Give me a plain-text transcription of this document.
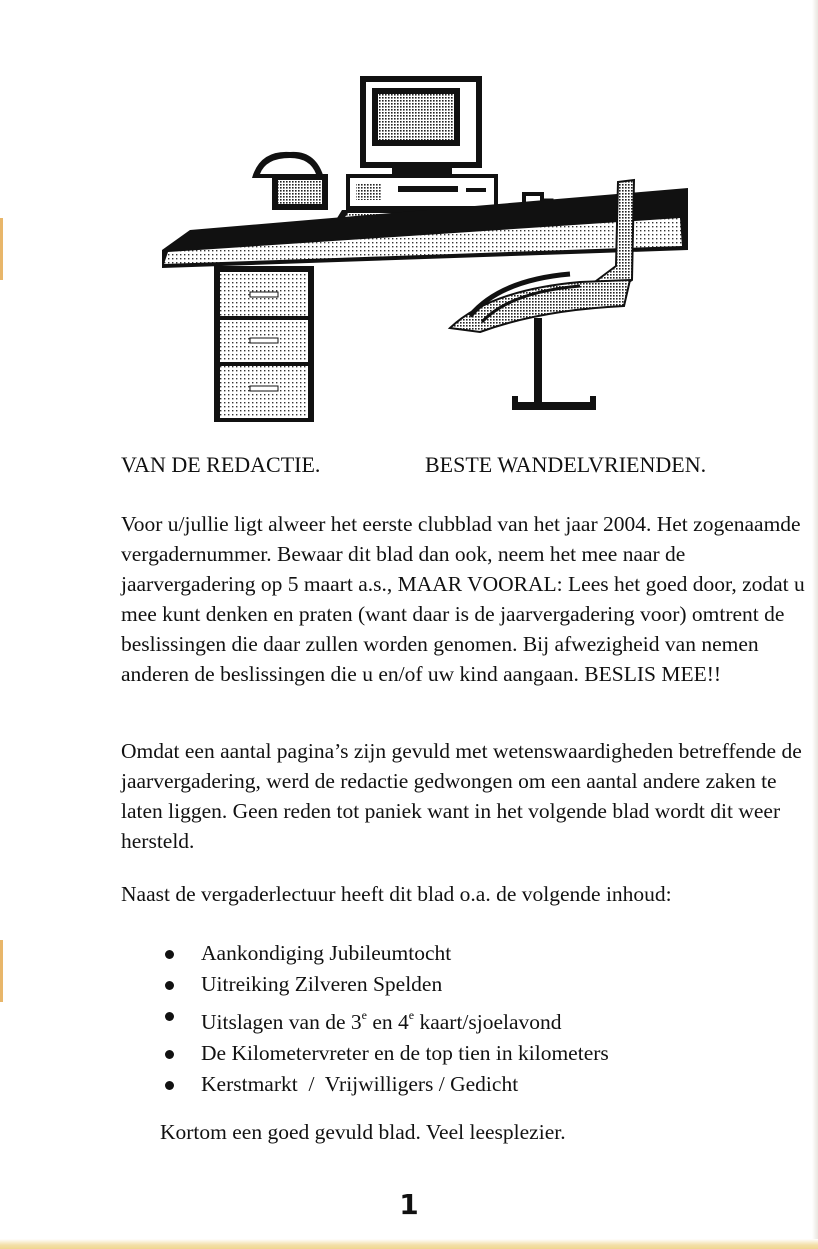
VAN DE REDACTIE.	BESTE WANDELVRIENDEN.

Voor u/jullie ligt alweer het eerste clubblad van het jaar 2004. Het zogenaamde vergadernummer. Bewaar dit blad dan ook, neem het mee naar de jaarvergadering op 5 maart a.s., MAAR VOORAL: Lees het goed door, zodat u mee kunt denken en praten (want daar is de jaarvergadering voor) omtrent de beslissingen die daar zullen worden genomen. Bij afwezigheid van nemen anderen de beslissingen die u en/of uw kind aangaan. BESLIS MEE!!

Omdat een aantal pagina’s zijn gevuld met wetenswaardigheden betreffende de jaarvergadering, werd de redactie gedwongen om een aantal andere zaken te laten liggen. Geen reden tot paniek want in het volgende blad wordt dit weer hersteld.

Naast de vergaderlectuur heeft dit blad o.a. de volgende inhoud:

Aankondiging Jubileumtocht
Uitreiking Zilveren Spelden
Uitslagen van de 3e en 4e kaart/sjoelavond
De Kilometervreter en de top tien in kilometers
Kerstmarkt  /  Vrijwilligers / Gedicht
Kortom een goed gevuld blad. Veel leesplezier.
1
